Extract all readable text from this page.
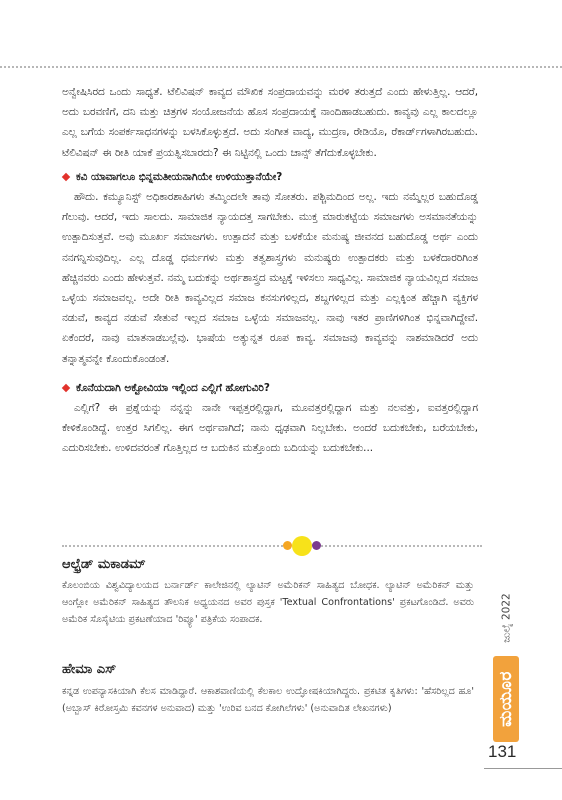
ಅನ್ವೇಷಿಸಿರದ ಒಂದು ಸಾಧ್ಯತೆ. ಟೆಲಿವಿಷನ್ ಕಾವ್ಯದ ಮೌಖಿಕ ಸಂಪ್ರದಾಯವನ್ನು ಮರಳಿ ತರುತ್ತದೆ ಎಂದು ಹೇಳುತ್ತಿಲ್ಲ. ಆದರೆ, ಅದು ಬರವಣಿಗೆ, ದನಿ ಮತ್ತು ಚಿತ್ರಗಳ ಸಂಯೋಜನೆಯ ಹೊಸ ಸಂಪ್ರದಾಯಕ್ಕೆ ನಾಂದಿಹಾಡಬಹುದು. ಕಾವ್ಯವು ಎಲ್ಲ ಕಾಲದಲ್ಲೂ ಎಲ್ಲ ಬಗೆಯ ಸಂಪರ್ಕಸಾಧನಗಳನ್ನು ಬಳಸಿಕೊಳ್ಳುತ್ತದೆ. ಅದು ಸಂಗೀತ ವಾದ್ಯ, ಮುದ್ರಣ, ರೇಡಿಯೊ, ರೆಕಾರ್ಡ್‌ಗಳಾಗಿರಬಹುದು. ಟೆಲಿವಿಷನ್ ಈ ರೀತಿ ಯಾಕೆ ಪ್ರಯತ್ನಿಸಬಾರದು? ಈ ನಿಟ್ಟಿನಲ್ಲಿ ಒಂದು ಚಾನ್ಸ್ ತೆಗೆದುಕೊಳ್ಳಬೇಕು.

ಕವಿ ಯಾವಾಗಲೂ ಭಿನ್ನಮತೀಯನಾಗಿಯೇ ಉಳಿಯುತ್ತಾನೆಯೇ?

ಹೌದು. ಕಮ್ಯೂನಿಸ್ಟ್ ಅಧಿಕಾರಶಾಹಿಗಳು ತಮ್ಮಿಂದಲೇ ತಾವು ಸೋತರು. ಪಶ್ಚಿಮದಿಂದ ಅಲ್ಲ. ಇದು ನಮ್ಮೆಲ್ಲರ ಬಹುದೊಡ್ಡ ಗೆಲುವು. ಆದರೆ, ಇದು ಸಾಲದು. ಸಾಮಾಜಿಕ ನ್ಯಾಯದತ್ತ ಸಾಗಬೇಕು. ಮುಕ್ತ ಮಾರುಕಟ್ಟೆಯ ಸಮಾಜಗಳು ಅಸಮಾನತೆಯನ್ನು ಉತ್ಪಾದಿಸುತ್ತವೆ. ಅವು ಮೂರ್ಖ ಸಮಾಜಗಳು. ಉತ್ಪಾದನೆ ಮತ್ತು ಬಳಕೆಯೇ ಮನುಷ್ಯ ಜೀವನದ ಬಹುದೊಡ್ಡ ಅರ್ಥ ಎಂದು ನನಗನ್ನಿಸುವುದಿಲ್ಲ. ಎಲ್ಲ ದೊಡ್ಡ ಧರ್ಮಗಳು ಮತ್ತು ತತ್ವಶಾಸ್ತ್ರಗಳು ಮನುಷ್ಯರು ಉತ್ಪಾದಕರು ಮತ್ತು ಬಳಕೆದಾರರಿಗಿಂತ ಹೆಚ್ಚಿನವರು ಎಂದು ಹೇಳುತ್ತವೆ. ನಮ್ಮ ಬದುಕನ್ನು ಅರ್ಥಶಾಸ್ತ್ರದ ಮಟ್ಟಕ್ಕೆ ಇಳಿಸಲು ಸಾಧ್ಯವಿಲ್ಲ. ಸಾಮಾಜಿಕ ನ್ಯಾಯವಿಲ್ಲದ ಸಮಾಜ ಒಳ್ಳೆಯ ಸಮಾಜವಲ್ಲ. ಅದೇ ರೀತಿ ಕಾವ್ಯವಿಲ್ಲದ ಸಮಾಜ ಕನಸುಗಳಿಲ್ಲದ, ಶಬ್ದಗಳಿಲ್ಲದ ಮತ್ತು ಎಲ್ಲಕ್ಕಿಂತ ಹೆಚ್ಚಾಗಿ ವ್ಯಕ್ತಿಗಳ ನಡುವೆ, ಕಾವ್ಯದ ನಡುವೆ ಸೇತುವೆ ಇಲ್ಲದ ಸಮಾಜ ಒಳ್ಳೆಯ ಸಮಾಜವಲ್ಲ. ನಾವು ಇತರ ಪ್ರಾಣಿಗಳಿಗಿಂತ ಭಿನ್ನವಾಗಿದ್ದೇವೆ. ಏಕೆಂದರೆ, ನಾವು ಮಾತನಾಡಬಲ್ಲೆವು. ಭಾಷೆಯ ಅತ್ಯುನ್ನತ ರೂಪ ಕಾವ್ಯ. ಸಮಾಜವು ಕಾವ್ಯವನ್ನು ನಾಶಮಾಡಿದರೆ ಅದು ತನ್ನಾತ್ಮವನ್ನೇ ಕೊಂದುಕೊಂಡಂತೆ.

ಕೊನೆಯದಾಗಿ ಅಕ್ಟೋವಿಯಾ ಇಲ್ಲಿಂದ ಎಲ್ಲಿಗೆ ಹೋಗುವಿರಿ?

ಎಲ್ಲಿಗೆ? ಈ ಪ್ರಶ್ನೆಯನ್ನು ನನ್ನನ್ನು ನಾನೇ ಇಪ್ಪತ್ತರಲ್ಲಿದ್ದಾಗ, ಮೂವತ್ತರಲ್ಲಿದ್ದಾಗ ಮತ್ತು ನಲವತ್ತು, ಐವತ್ತರಲ್ಲಿದ್ದಾಗ ಕೇಳಿಕೊಂಡಿದ್ದೆ. ಉತ್ತರ ಸಿಗಲಿಲ್ಲ. ಈಗ ಅರ್ಥವಾಗಿದೆ; ನಾನು ಧೃಢವಾಗಿ ನಿಲ್ಲಬೇಕು. ಅಂದರೆ ಬದುಕಬೇಕು, ಬರೆಯಬೇಕು, ಎದುರಿಸಬೇಕು. ಉಳಿದವರಂತೆ ಗೊತ್ತಿಲ್ಲದ ಆ ಬದುಕಿನ ಮತ್ತೊಂದು ಬದಿಯನ್ನು ಬದುಕಬೇಕು...

ಆಲ್ಫ್ರೆಡ್ ಮಕಾಡಮ್

ಕೊಲಂಬಿಯ ವಿಶ್ವವಿದ್ಯಾಲಯದ ಬರ್ನಾರ್ಡ್ ಕಾಲೇಜಿನಲ್ಲಿ ಲ್ಯಾಟಿನ್ ಅಮೆರಿಕನ್ ಸಾಹಿತ್ಯದ ಬೋಧಕ. ಲ್ಯಾಟಿನ್ ಅಮೆರಿಕನ್ ಮತ್ತು ಆಂಗ್ಲೋ ಅಮೆರಿಕನ್ ಸಾಹಿತ್ಯದ ತೌಲನಿಕ ಅಧ್ಯಯನದ ಅವರ ಪುಸ್ತಕ 'Textual Confrontations' ಪ್ರಕಟಗೊಂಡಿದೆ. ಅವರು ಅಮೆರಿಕ ಸೊಸೈಟಿಯ ಪ್ರಕಟಣೆಯಾದ 'ರಿವ್ಯೂ' ಪತ್ರಿಕೆಯ ಸಂಪಾದಕ.

ಹೇಮಾ ಎಸ್

ಕನ್ನಡ ಉಪನ್ಯಾಸಕಿಯಾಗಿ ಕೆಲಸ ಮಾಡಿದ್ದಾರೆ. ಆಕಾಶವಾಣಿಯಲ್ಲಿ ಕೆಲಕಾಲ ಉದ್ಘೋಷಕಿಯಾಗಿದ್ದರು. ಪ್ರಕಟಿತ ಕೃತಿಗಳು: 'ಹೆಸರಿಲ್ಲದ ಹೂ' (ಅಬ್ಬಾಸ್ ಕಿರೋಸ್ತಮಿ ಕವನಗಳ ಅನುವಾದ) ಮತ್ತು 'ಉರಿವ ಬನದ ಕೋಗಿಲೆಗಳು' (ಅನುವಾದಿತ ಲೇಖನಗಳು)

ಜುಲೈ 2022
ಮಯೂರ

131
